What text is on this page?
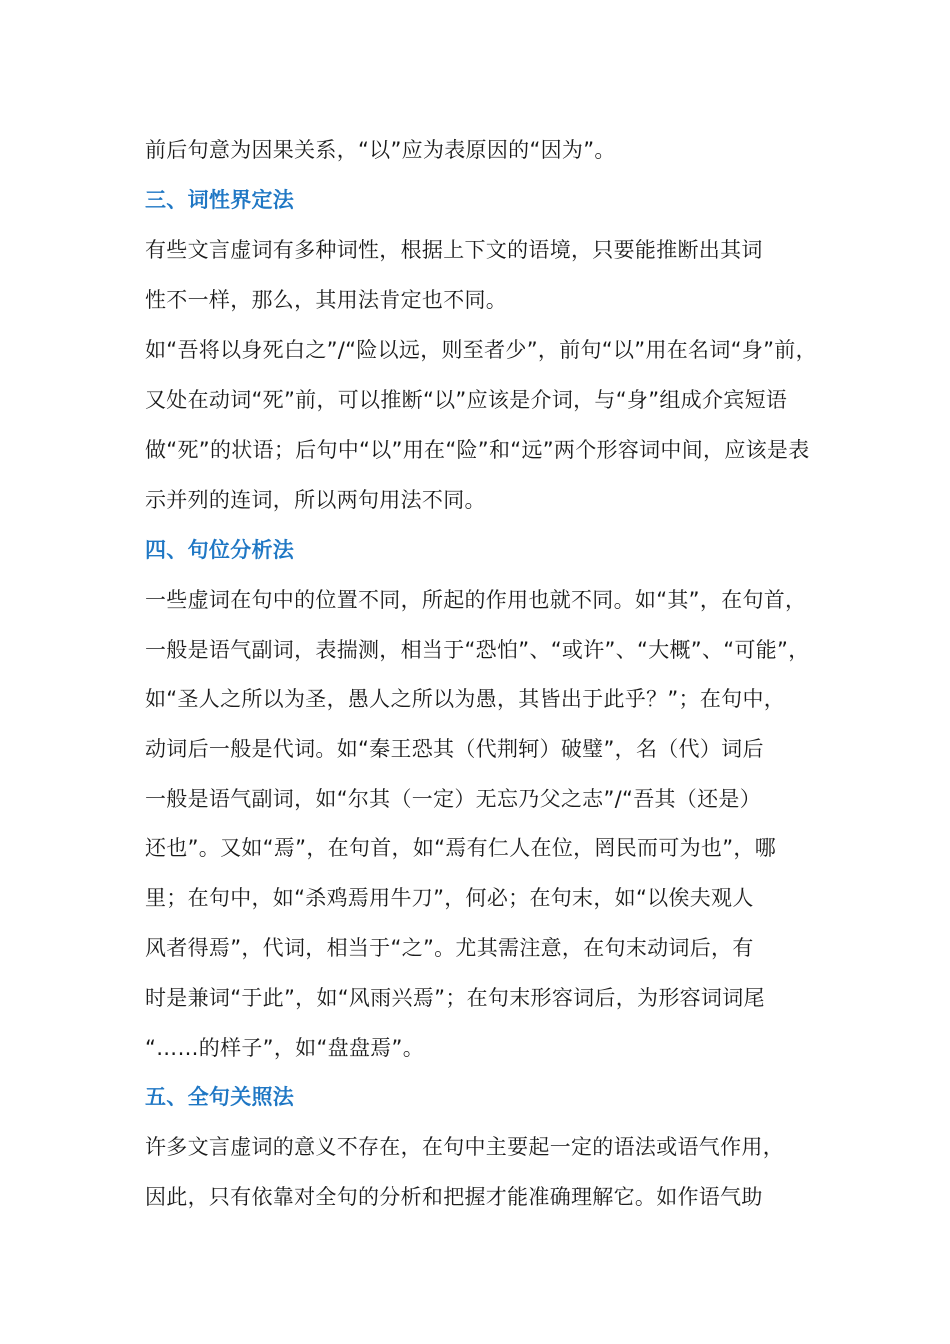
前后句意为因果关系，“以”应为表原因的“因为”。
三、词性界定法
有些文言虚词有多种词性，根据上下文的语境，只要能推断出其词
性不一样，那么，其用法肯定也不同。
如“吾将以身死白之”/“险以远，则至者少”，前句“以”用在名词“身”前，
又处在动词“死”前，可以推断“以”应该是介词，与“身”组成介宾短语
做“死”的状语；后句中“以”用在“险”和“远”两个形容词中间，应该是表
示并列的连词，所以两句用法不同。
四、句位分析法
一些虚词在句中的位置不同，所起的作用也就不同。如“其”，在句首，
一般是语气副词，表揣测，相当于“恐怕”、“或许”、“大概”、“可能”，
如“圣人之所以为圣，愚人之所以为愚，其皆出于此乎？”；在句中，
动词后一般是代词。如“秦王恐其（代荆轲）破璧”，名（代）词后
一般是语气副词，如“尔其（一定）无忘乃父之志”/“吾其（还是）
还也”。又如“焉”，在句首，如“焉有仁人在位，罔民而可为也”，哪
里；在句中，如“杀鸡焉用牛刀”，何必；在句末，如“以俟夫观人
风者得焉”，代词，相当于“之”。尤其需注意，在句末动词后，有
时是兼词“于此”，如“风雨兴焉”；在句末形容词后，为形容词词尾
“……的样子”，如“盘盘焉”。
五、全句关照法
许多文言虚词的意义不存在，在句中主要起一定的语法或语气作用，
因此，只有依靠对全句的分析和把握才能准确理解它。如作语气助
